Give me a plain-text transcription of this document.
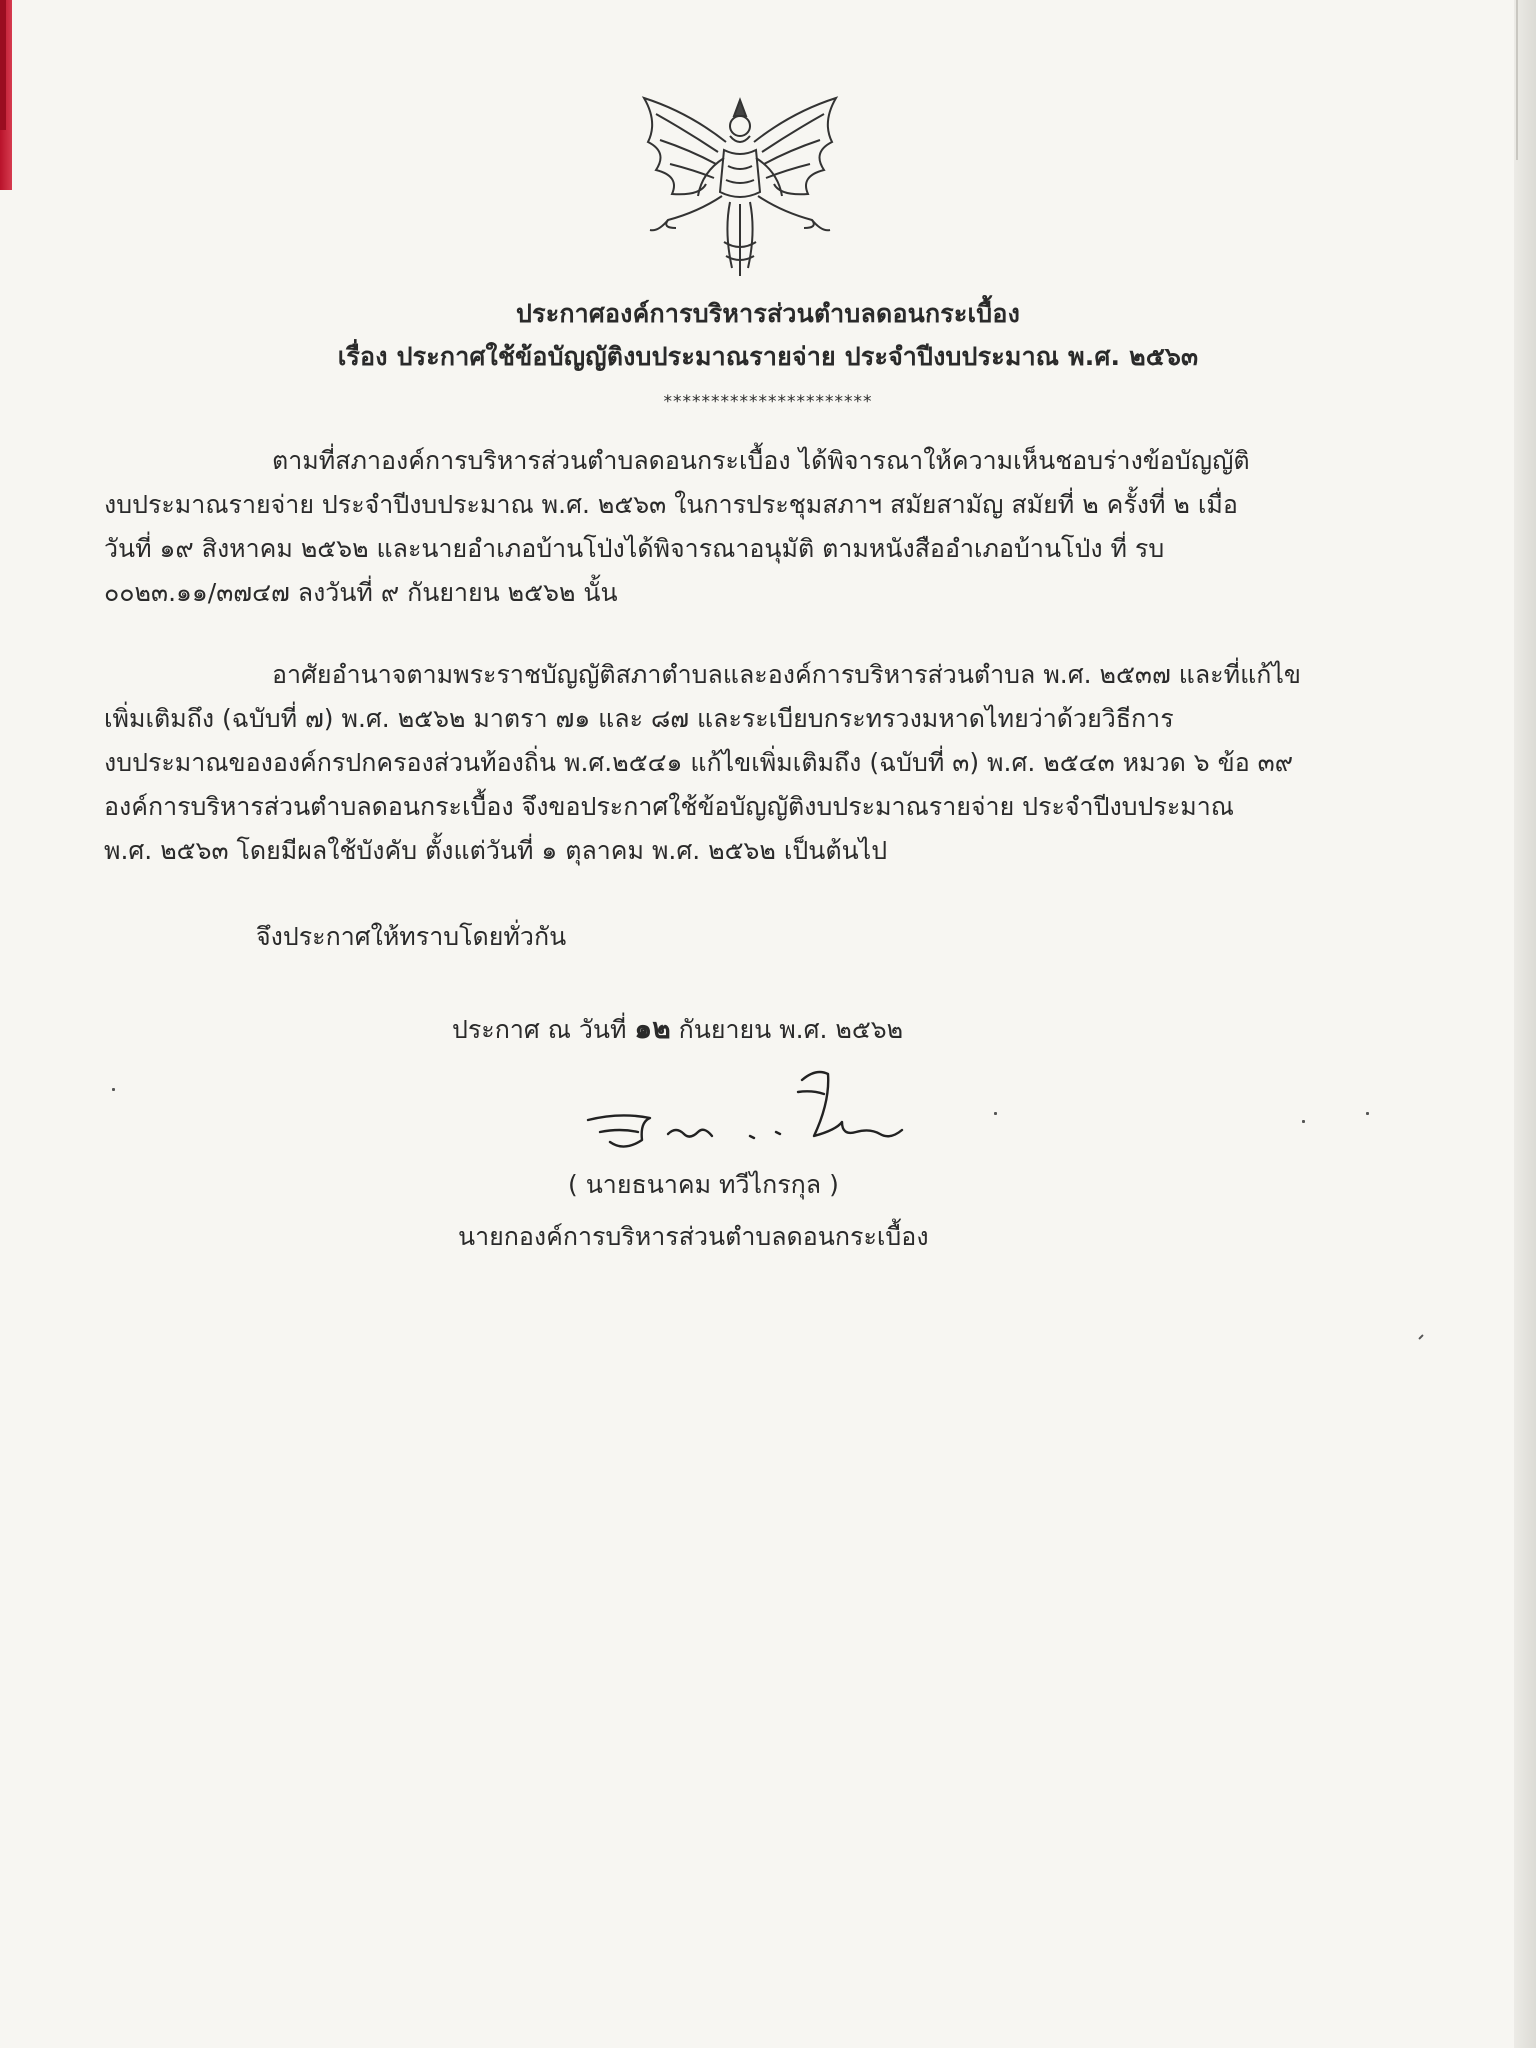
ประกาศองค์การบริหารส่วนตำบลดอนกระเบื้อง
เรื่อง ประกาศใช้ข้อบัญญัติงบประมาณรายจ่าย ประจำปีงบประมาณ พ.ศ. ๒๕๖๓
**********************
ตามที่สภาองค์การบริหารส่วนตำบลดอนกระเบื้อง ได้พิจารณาให้ความเห็นชอบร่างข้อบัญญัติ
งบประมาณรายจ่าย ประจำปีงบประมาณ พ.ศ. ๒๕๖๓ ในการประชุมสภาฯ สมัยสามัญ สมัยที่ ๒ ครั้งที่ ๒ เมื่อ
วันที่ ๑๙ สิงหาคม ๒๕๖๒ และนายอำเภอบ้านโป่งได้พิจารณาอนุมัติ ตามหนังสืออำเภอบ้านโป่ง ที่ รบ
๐๐๒๓.๑๑/๓๗๔๗ ลงวันที่ ๙ กันยายน ๒๕๖๒ นั้น
อาศัยอำนาจตามพระราชบัญญัติสภาตำบลและองค์การบริหารส่วนตำบล พ.ศ. ๒๕๓๗ และที่แก้ไข
เพิ่มเติมถึง (ฉบับที่ ๗) พ.ศ. ๒๕๖๒ มาตรา ๗๑ และ ๘๗ และระเบียบกระทรวงมหาดไทยว่าด้วยวิธีการ
งบประมาณขององค์กรปกครองส่วนท้องถิ่น พ.ศ.๒๕๔๑ แก้ไขเพิ่มเติมถึง (ฉบับที่ ๓) พ.ศ. ๒๕๔๓ หมวด ๖ ข้อ ๓๙
องค์การบริหารส่วนตำบลดอนกระเบื้อง จึงขอประกาศใช้ข้อบัญญัติงบประมาณรายจ่าย ประจำปีงบประมาณ
พ.ศ. ๒๕๖๓ โดยมีผลใช้บังคับ ตั้งแต่วันที่ ๑ ตุลาคม พ.ศ. ๒๕๖๒ เป็นต้นไป
จึงประกาศให้ทราบโดยทั่วกัน
ประกาศ ณ วันที่ ๑๒ กันยายน พ.ศ. ๒๕๖๒
( นายธนาคม ทวีไกรกุล )
นายกองค์การบริหารส่วนตำบลดอนกระเบื้อง
